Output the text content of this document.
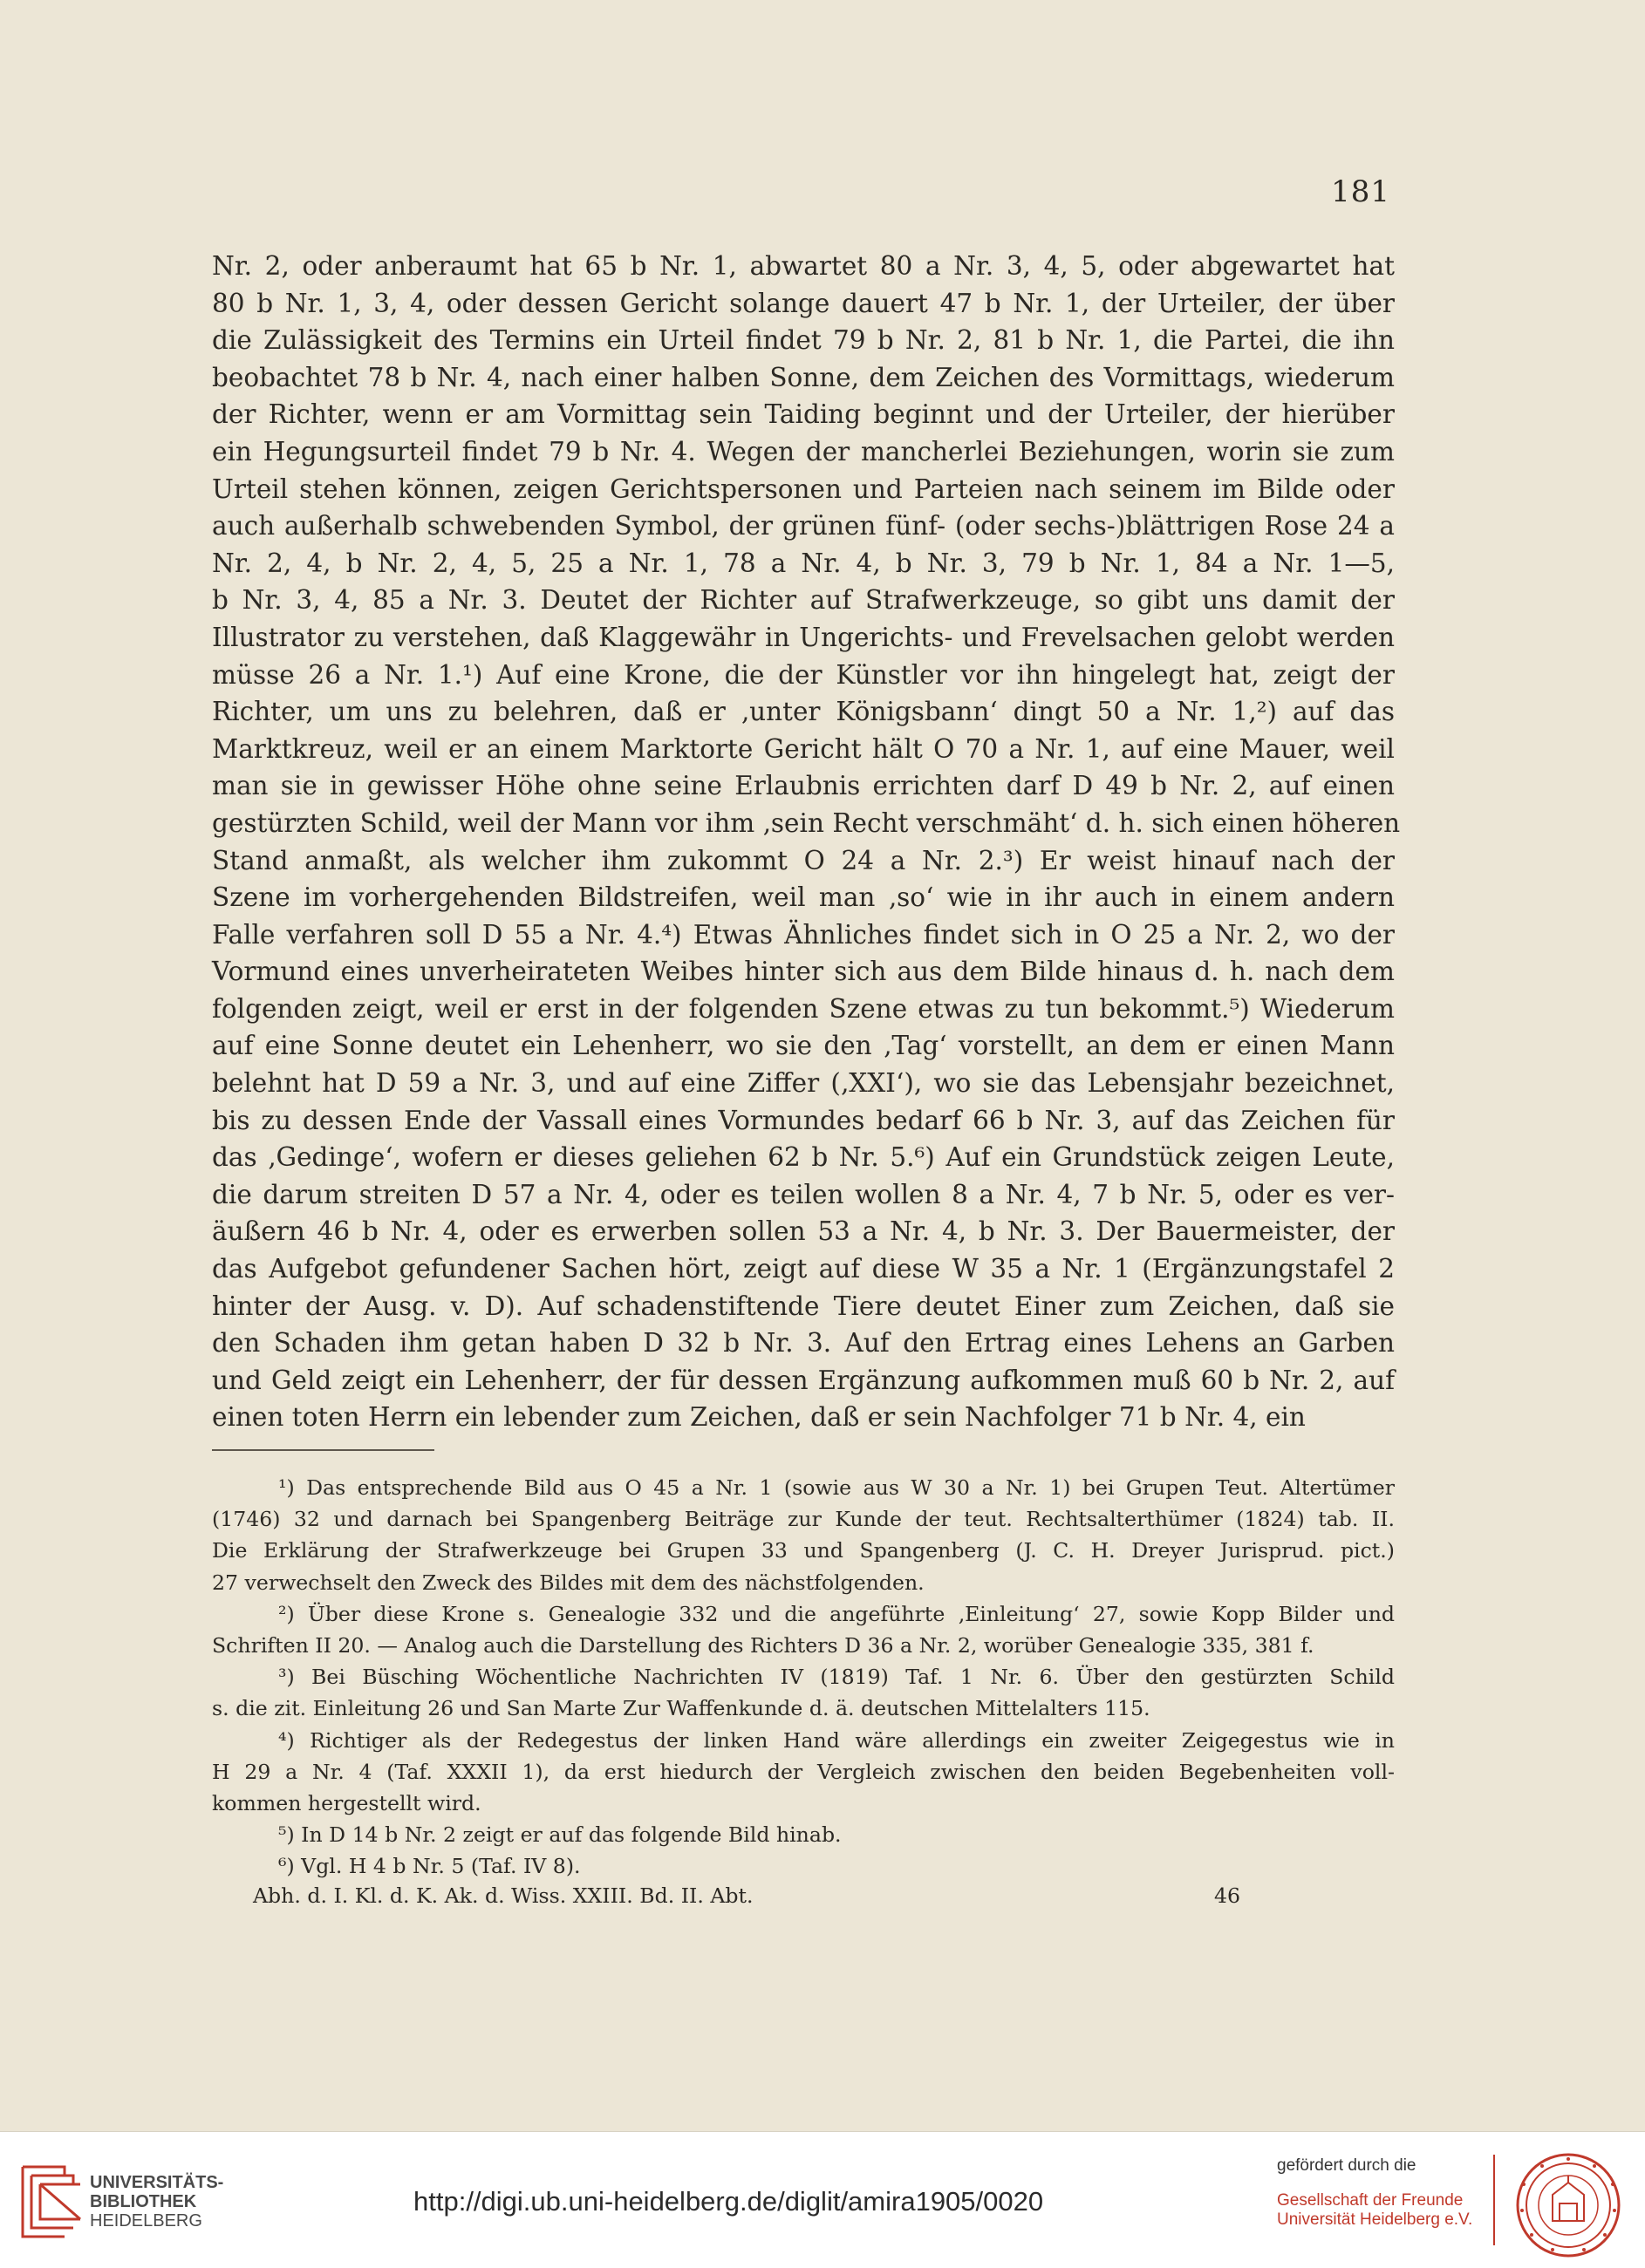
181
Nr. 2, oder anberaumt hat 65 b Nr. 1, abwartet 80 a Nr. 3, 4, 5, oder abgewartet hat
80 b Nr. 1, 3, 4, oder dessen Gericht solange dauert 47 b Nr. 1, der Urteiler, der über
die Zulässigkeit des Termins ein Urteil findet 79 b Nr. 2, 81 b Nr. 1, die Partei, die ihn
beobachtet 78 b Nr. 4, nach einer halben Sonne, dem Zeichen des Vormittags, wiederum
der Richter, wenn er am Vormittag sein Taiding beginnt und der Urteiler, der hierüber
ein Hegungsurteil findet 79 b Nr. 4. Wegen der mancherlei Beziehungen, worin sie zum
Urteil stehen können, zeigen Gerichtspersonen und Parteien nach seinem im Bilde oder
auch außerhalb schwebenden Symbol, der grünen fünf- (oder sechs-)blättrigen Rose 24 a
Nr. 2, 4, b Nr. 2, 4, 5, 25 a Nr. 1, 78 a Nr. 4, b Nr. 3, 79 b Nr. 1, 84 a Nr. 1—5,
b Nr. 3, 4, 85 a Nr. 3. Deutet der Richter auf Strafwerkzeuge, so gibt uns damit der
Illustrator zu verstehen, daß Klaggewähr in Ungerichts- und Frevelsachen gelobt werden
müsse 26 a Nr. 1.¹) Auf eine Krone, die der Künstler vor ihn hingelegt hat, zeigt der
Richter, um uns zu belehren, daß er ‚unter Königsbann‘ dingt 50 a Nr. 1,²) auf das
Marktkreuz, weil er an einem Marktorte Gericht hält O 70 a Nr. 1, auf eine Mauer, weil
man sie in gewisser Höhe ohne seine Erlaubnis errichten darf D 49 b Nr. 2, auf einen
gestürzten Schild, weil der Mann vor ihm ‚sein Recht verschmäht‘ d. h. sich einen höheren
Stand anmaßt, als welcher ihm zukommt O 24 a Nr. 2.³) Er weist hinauf nach der
Szene im vorhergehenden Bildstreifen, weil man ‚so‘ wie in ihr auch in einem andern
Falle verfahren soll D 55 a Nr. 4.⁴) Etwas Ähnliches findet sich in O 25 a Nr. 2, wo der
Vormund eines unverheirateten Weibes hinter sich aus dem Bilde hinaus d. h. nach dem
folgenden zeigt, weil er erst in der folgenden Szene etwas zu tun bekommt.⁵) Wiederum
auf eine Sonne deutet ein Lehenherr, wo sie den ‚Tag‘ vorstellt, an dem er einen Mann
belehnt hat D 59 a Nr. 3, und auf eine Ziffer (‚XXI‘), wo sie das Lebensjahr bezeichnet,
bis zu dessen Ende der Vassall eines Vormundes bedarf 66 b Nr. 3, auf das Zeichen für
das ‚Gedinge‘, wofern er dieses geliehen 62 b Nr. 5.⁶) Auf ein Grundstück zeigen Leute,
die darum streiten D 57 a Nr. 4, oder es teilen wollen 8 a Nr. 4, 7 b Nr. 5, oder es ver-
äußern 46 b Nr. 4, oder es erwerben sollen 53 a Nr. 4, b Nr. 3. Der Bauermeister, der
das Aufgebot gefundener Sachen hört, zeigt auf diese W 35 a Nr. 1 (Ergänzungstafel 2
hinter der Ausg. v. D). Auf schadenstiftende Tiere deutet Einer zum Zeichen, daß sie
den Schaden ihm getan haben D 32 b Nr. 3. Auf den Ertrag eines Lehens an Garben
und Geld zeigt ein Lehenherr, der für dessen Ergänzung aufkommen muß 60 b Nr. 2, auf
einen toten Herrn ein lebender zum Zeichen, daß er sein Nachfolger 71 b Nr. 4, ein
¹) Das entsprechende Bild aus O 45 a Nr. 1 (sowie aus W 30 a Nr. 1) bei Grupen Teut. Altertümer
(1746) 32 und darnach bei Spangenberg Beiträge zur Kunde der teut. Rechtsalterthümer (1824) tab. II.
Die Erklärung der Strafwerkzeuge bei Grupen 33 und Spangenberg (J. C. H. Dreyer Jurisprud. pict.)
27 verwechselt den Zweck des Bildes mit dem des nächstfolgenden.
²) Über diese Krone s. Genealogie 332 und die angeführte ‚Einleitung‘ 27, sowie Kopp Bilder und
Schriften II 20. — Analog auch die Darstellung des Richters D 36 a Nr. 2, worüber Genealogie 335, 381 f.
³) Bei Büsching Wöchentliche Nachrichten IV (1819) Taf. 1 Nr. 6. Über den gestürzten Schild
s. die zit. Einleitung 26 und San Marte Zur Waffenkunde d. ä. deutschen Mittelalters 115.
⁴) Richtiger als der Redegestus der linken Hand wäre allerdings ein zweiter Zeigegestus wie in
H 29 a Nr. 4 (Taf. XXXII 1), da erst hiedurch der Vergleich zwischen den beiden Begebenheiten voll-
kommen hergestellt wird.
⁵) In D 14 b Nr. 2 zeigt er auf das folgende Bild hinab.
⁶) Vgl. H 4 b Nr. 5 (Taf. IV 8).
Abh. d. I. Kl. d. K. Ak. d. Wiss. XXIII. Bd. II. Abt.	46
UNIVERSITÄTS-
BIBLIOTHEK
HEIDELBERG
http://digi.ub.uni-heidelberg.de/diglit/amira1905/0020
gefördert durch die
Gesellschaft der Freunde
Universität Heidelberg e.V.
